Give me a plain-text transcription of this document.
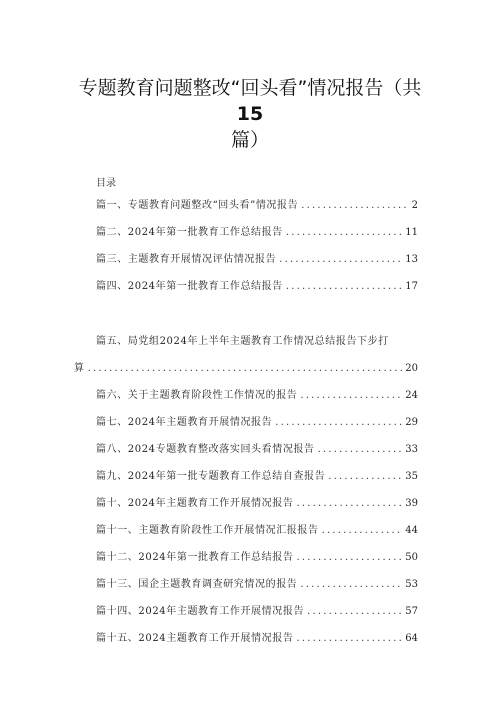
专题教育问题整改“回头看”情况报告（共
15
篇）
目录
篇一、专题教育问题整改“回头看”情况报告 .....	2
篇二、2024年第一批教育工作总结报告 .....	11
篇三、主题教育开展情况评估情况报告 .....	13
篇四、2024年第一批教育工作总结报告 .....	17
篇五、局党组2024年上半年主题教育工作情况总结报告下步打
算 .....	20
篇六、关于主题教育阶段性工作情况的报告 .....	24
篇七、2024年主题教育开展情况报告 .....	29
篇八、2024专题教育整改落实回头看情况报告 .....	33
篇九、2024年第一批专题教育工作总结自查报告 .....	35
篇十、2024年主题教育工作开展情况报告 .....	39
篇十一、主题教育阶段性工作开展情况汇报报告 .....	44
篇十二、2024年第一批教育工作总结报告 .....	50
篇十三、国企主题教育调查研究情况的报告 .....	53
篇十四、2024年主题教育工作开展情况报告 .....	57
篇十五、2024主题教育工作开展情况报告 .....	64
